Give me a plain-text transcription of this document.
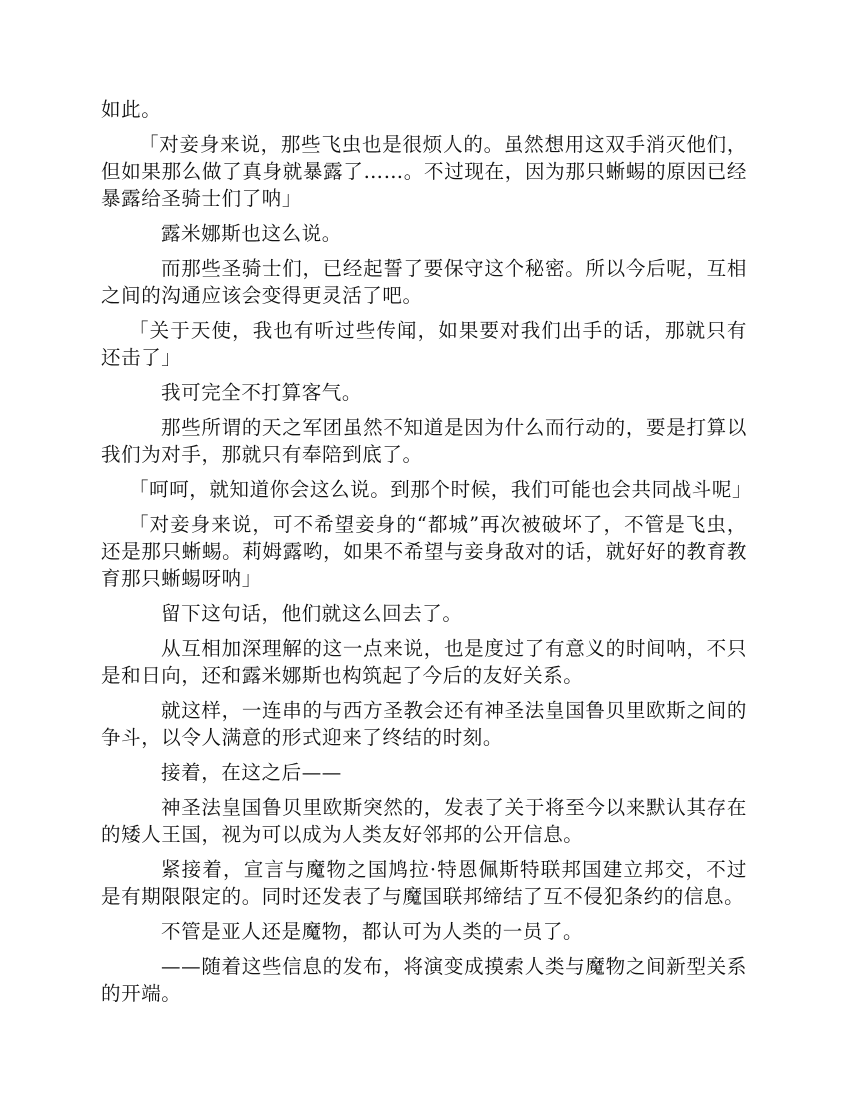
如此。

「对妾身来说，那些飞虫也是很烦人的。虽然想用这双手消灭他们，但如果那么做了真身就暴露了……。不过现在，因为那只蜥蜴的原因已经暴露给圣骑士们了呐」

露米娜斯也这么说。

而那些圣骑士们，已经起誓了要保守这个秘密。所以今后呢，互相之间的沟通应该会变得更灵活了吧。

「关于天使，我也有听过些传闻，如果要对我们出手的话，那就只有还击了」

我可完全不打算客气。

那些所谓的天之军团虽然不知道是因为什么而行动的，要是打算以我们为对手，那就只有奉陪到底了。

「呵呵，就知道你会这么说。到那个时候，我们可能也会共同战斗呢」

「对妾身来说，可不希望妾身的“都城”再次被破坏了，不管是飞虫，还是那只蜥蜴。莉姆露哟，如果不希望与妾身敌对的话，就好好的教育教育那只蜥蜴呀呐」

留下这句话，他们就这么回去了。

从互相加深理解的这一点来说，也是度过了有意义的时间呐，不只是和日向，还和露米娜斯也构筑起了今后的友好关系。

就这样，一连串的与西方圣教会还有神圣法皇国鲁贝里欧斯之间的争斗，以令人满意的形式迎来了终结的时刻。

接着，在这之后——

神圣法皇国鲁贝里欧斯突然的，发表了关于将至今以来默认其存在的矮人王国，视为可以成为人类友好邻邦的公开信息。

紧接着，宣言与魔物之国鸠拉·特恩佩斯特联邦国建立邦交，不过是有期限限定的。同时还发表了与魔国联邦缔结了互不侵犯条约的信息。

不管是亚人还是魔物，都认可为人类的一员了。

——随着这些信息的发布，将演变成摸索人类与魔物之间新型关系的开端。
